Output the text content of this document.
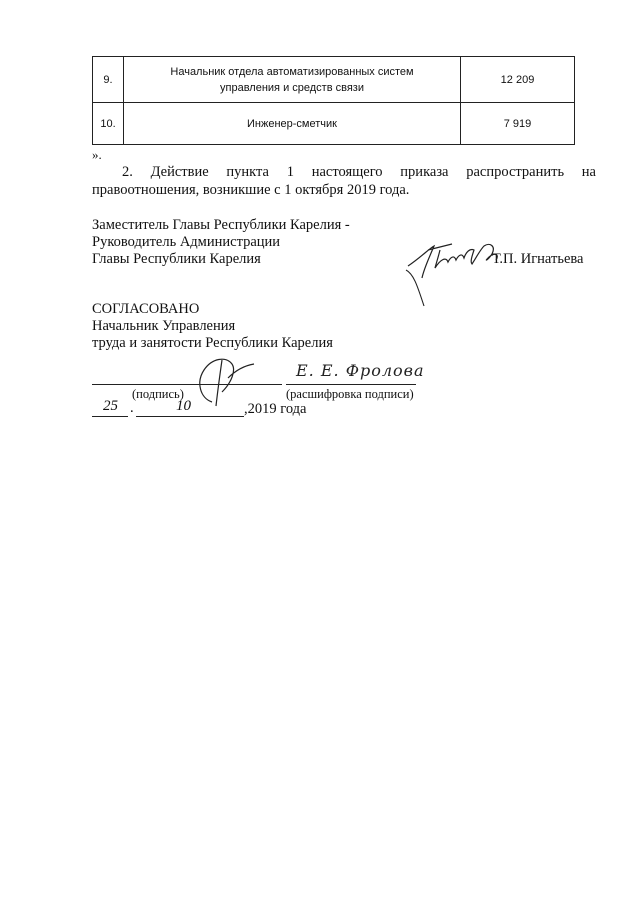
9.	Начальник отдела автоматизированных систем управления и средств связи	12 209
10.	Инженер-сметчик	7 919
».
2. Действие пункта 1 настоящего приказа распространить на
правоотношения, возникшие с 1 октября 2019 года.
Заместитель Главы Республики Карелия -
Руководитель Администрации
Главы Республики Карелия	Т.П. Игнатьева
СОГЛАСОВАНО
Начальник Управления
труда и занятости Республики Карелия
(подпись)	(расшифровка подписи)
Е. Е. Фролова
25 .	10	,2019 года
